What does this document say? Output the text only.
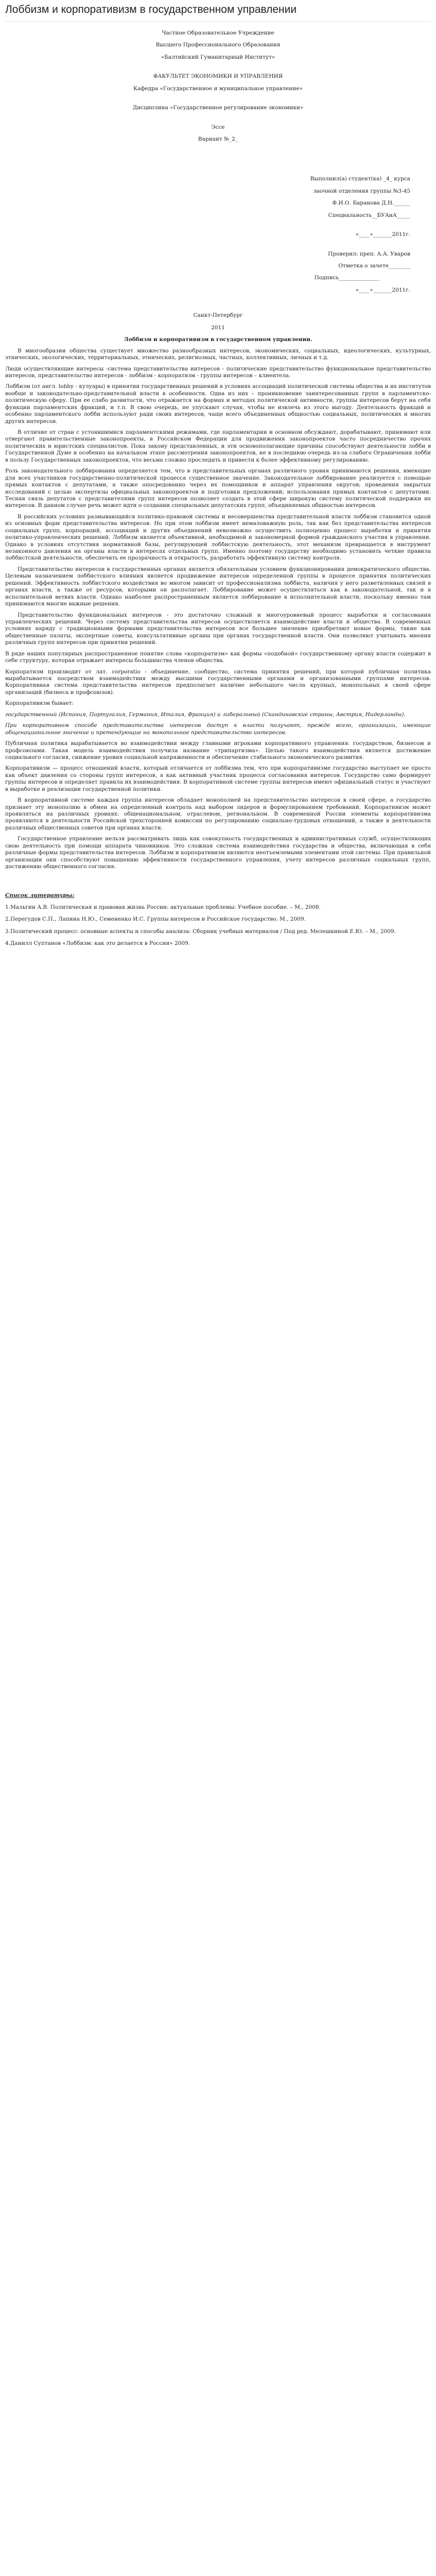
Лоббизм и корпоративизм в государственном управлении

Частное Образовательное Учреждение

Высшего Профессионального Образования

«Балтийский Гуманитарный Институт»

ФАКУЛЬТЕТ ЭКОНОМИКИ И УПРАВЛЕНИЯ

Кафедра «Государственное и муниципальное управление»

Дисциплина «Государственное регулирование экономики»

Эссе

Вариант №_2_

Выполнил(а) студент(ка) _4_ курса

заочной отделения группы №3-45

Ф.И.О. Баранова Д.Н.______

Специальность__БУАиА_____

«____»_______2011г.

Проверил: преп. А.А. Уваров

Отметка о зачете________

Подпись_______________

«____»_______2011г.

Санкт-Петербург

2011

Лоббизм и корпоративизм в государственном управлении.

В многообразии общества существует множество разнообразных интересов, экономических, социальных, идеологических, культурных, этнических, экологических, территориальных, этнических, религиозных, частных, коллективных, личных и т.д.

Люди осуществляющие интересы -система представительства интересов - политические представительство функциональное представительство интересов, представительство интересов - лоббизм - корпоратизм - группы интересов – клиентела.

Лоббизм (от англ. lobby - кулуары) в принятии государственных решений в условиях ассоциаций политической системы общества и их институтов вообще и законодательно-представительной власти в особенности. Одна из них – проникновение заинтересованных групп в парламентско-политическую сферу. При ее слабо развитости, что отражается на формах и методах политической активности, группы интересов берут на себя функции парламентских фракций, и т.п. В свою очередь, не упускают случая, чтобы не извлечь из этого выгоду. Деятельность фракций и особенно парламентского лобби используют ради своих интересов, чаще всего объединенных общностью социальных, политических и многих других интересов.

В отличие от стран с устоявшимися парламентскими режимами, где парламентарии и основном обсуждают, дорабатывают, принимают или отвергают правительственные законопроекты, в Российском Федерации для продвижения законопроектов часто посредничество прочих политических и юристских специалистов. Пока закону представленных, и эти основополагающие причины способствуют деятельности лобби в Государственной Думе и особенно на начальном этапе рассмотрения законопроектов, не в последнюю очередь из-за слабого Ограничения лобби в пользу Государственных законопроектов, что весьма сложно проследить и привести к более эффективному регулированию.

Роль законодательного лоббирования определяется тем, что в представительных органах различного уровня принимаются решения, имеющие для всех участников государственно-политической процесса существенное значение. Законодательное лоббирование реализуется с помощью прямых контактов с депутатами, а также опосредованно через их помощников и аппарат управления округов; проведения закрытых исследований с целью экспертизы официальных законопроектов и подготовки предложений; использования прямых контактов с депутатами. Тесная связь депутатов с представителями групп интересов позволяет создать в этой сфере широкую систему политической поддержки их интересов. В данном случае речь может идти о создании специальных депутатских групп, объединяемых общностью интересов.

В российских условиях размывающийся политико-правовой системы и несовершенства представительной власти лоббизм становится одной из основных форм представительства интересов. Но при этом лоббизм имеет немаловажную роль, так как без представительства интересов социальных групп, корпораций, ассоциаций и других объединений невозможно осуществить полноценно процесс выработки и принятия политико-управленческих решений. Лоббизм является объективной, необходимой и закономерной формой гражданского участия в управлении. Однако в условиях отсутствия нормативной базы, регулирующей лоббистскую деятельность, этот механизм превращается в инструмент незаконного давления на органы власти в интересах отдельных групп. Именно поэтому государству необходимо установить четкие правила лоббистской деятельности, обеспечить ее прозрачность и открытость, разработать эффективную систему контроля.

Представительство интересов в государственных органах является обязательным условием функционирования демократического общества. Целевым назначением лоббистского влияния является продвижение интересов определенной группы в процессе принятия политических решений. Эффективность лоббистского воздействия во многом зависит от профессионализма лоббиста, наличия у него разветвленных связей в органах власти, а также от ресурсов, которыми он располагает. Лоббирование может осуществляться как в законодательной, так и в исполнительной ветвях власти. Однако наиболее распространенным является лоббирование в исполнительной власти, поскольку именно там принимаются многие важные решения.

Представительство функциональных интересов - это достаточно сложный и многоуровневый процесс выработки и согласования управленческих решений. Через систему представительства интересов осуществляется взаимодействие власти и общества. В современных условиях наряду с традиционными формами представительства интересов все большее значение приобретают новые формы, такие как общественные палаты, экспертные советы, консультативные органы при органах государственной власти. Они позволяют учитывать мнения различных групп интересов при принятии решений.

В ряде наших популярных распространенное понятие слова «корпоратизм» как формы «подобной» государственному органу власти содержит в себе структуру, которая отражает интересы большинства членов общества.

Корпоратизм производит от лат. corporatio - объединение, сообщество, система принятия решений, при которой публичная политика вырабатывается посредством взаимодействия между высшими государственными органами и организованными группами интересов. Корпоративная система представительства интересов предполагает наличие небольшого числа крупных, монопольных в своей сфере организаций (бизнеса и профсоюзов).

Корпоративизм бывает:

государственный (Испания, Португалия, Германия, Италия, Франция) и либеральный (Скандинавские страны, Австрия, Нидерланды).

При корпоративном способе представительства интересов доступ к власти получают, прежде всего, организации, имеющие общенациональное значение и претендующие на монопольное представительство интересов.

Публичная политика вырабатывается во взаимодействии между главными игроками корпоративного управления: государством, бизнесом и профсоюзами. Такая модель взаимодействия получила название «трипартизма». Целью такого взаимодействия является достижение социального согласия, снижение уровня социальной напряженности и обеспечение стабильного экономического развития.

Корпоративизм — процесс отношений власти, который отличается от лоббизма тем, что при корпоративизме государство выступает не просто как объект давления со стороны групп интересов, а как активный участник процесса согласования интересов. Государство само формирует группы интересов и определяет правила их взаимодействия. В корпоративной системе группы интересов имеют официальный статус и участвуют в выработке и реализации государственной политики.

В корпоративной системе каждая группа интересов обладает монополией на представительство интересов в своей сфере, а государство признает эту монополию в обмен на определенный контроль над выбором лидеров и формулированием требований. Корпоративизм может проявляться на различных уровнях: общенациональном, отраслевом, региональном. В современной России элементы корпоративизма проявляются в деятельности Российской трехсторонней комиссии по регулированию социально-трудовых отношений, а также в деятельности различных общественных советов при органах власти.

Государственное управление нельзя рассматривать лишь как совокупность государственных и административных служб, осуществляющих свою деятельность при помощи аппарата чиновников. Это сложная система взаимодействия государства и общества, включающая в себя различные формы представительства интересов. Лоббизм и корпоративизм являются неотъемлемыми элементами этой системы. При правильной организации они способствуют повышению эффективности государственного управления, учету интересов различных социальных групп, достижению общественного согласия.

Список литературы:

1.Мальгин А.В. Политическая и правовая жизнь России: актуальные проблемы: Учебное пособие. – М., 2008.

2.Перегудов С.П., Лапина Н.Ю., Семененко И.С. Группы интересов и Российское государство. М., 2009.

3.Политический процесс: основные аспекты и способы анализа: Сборник учебных материалов / Под ред. Мелешкиной Е.Ю. – М., 2009.

4.Данилл Суптанов «Лоббизм: как это делается в России» 2009.
